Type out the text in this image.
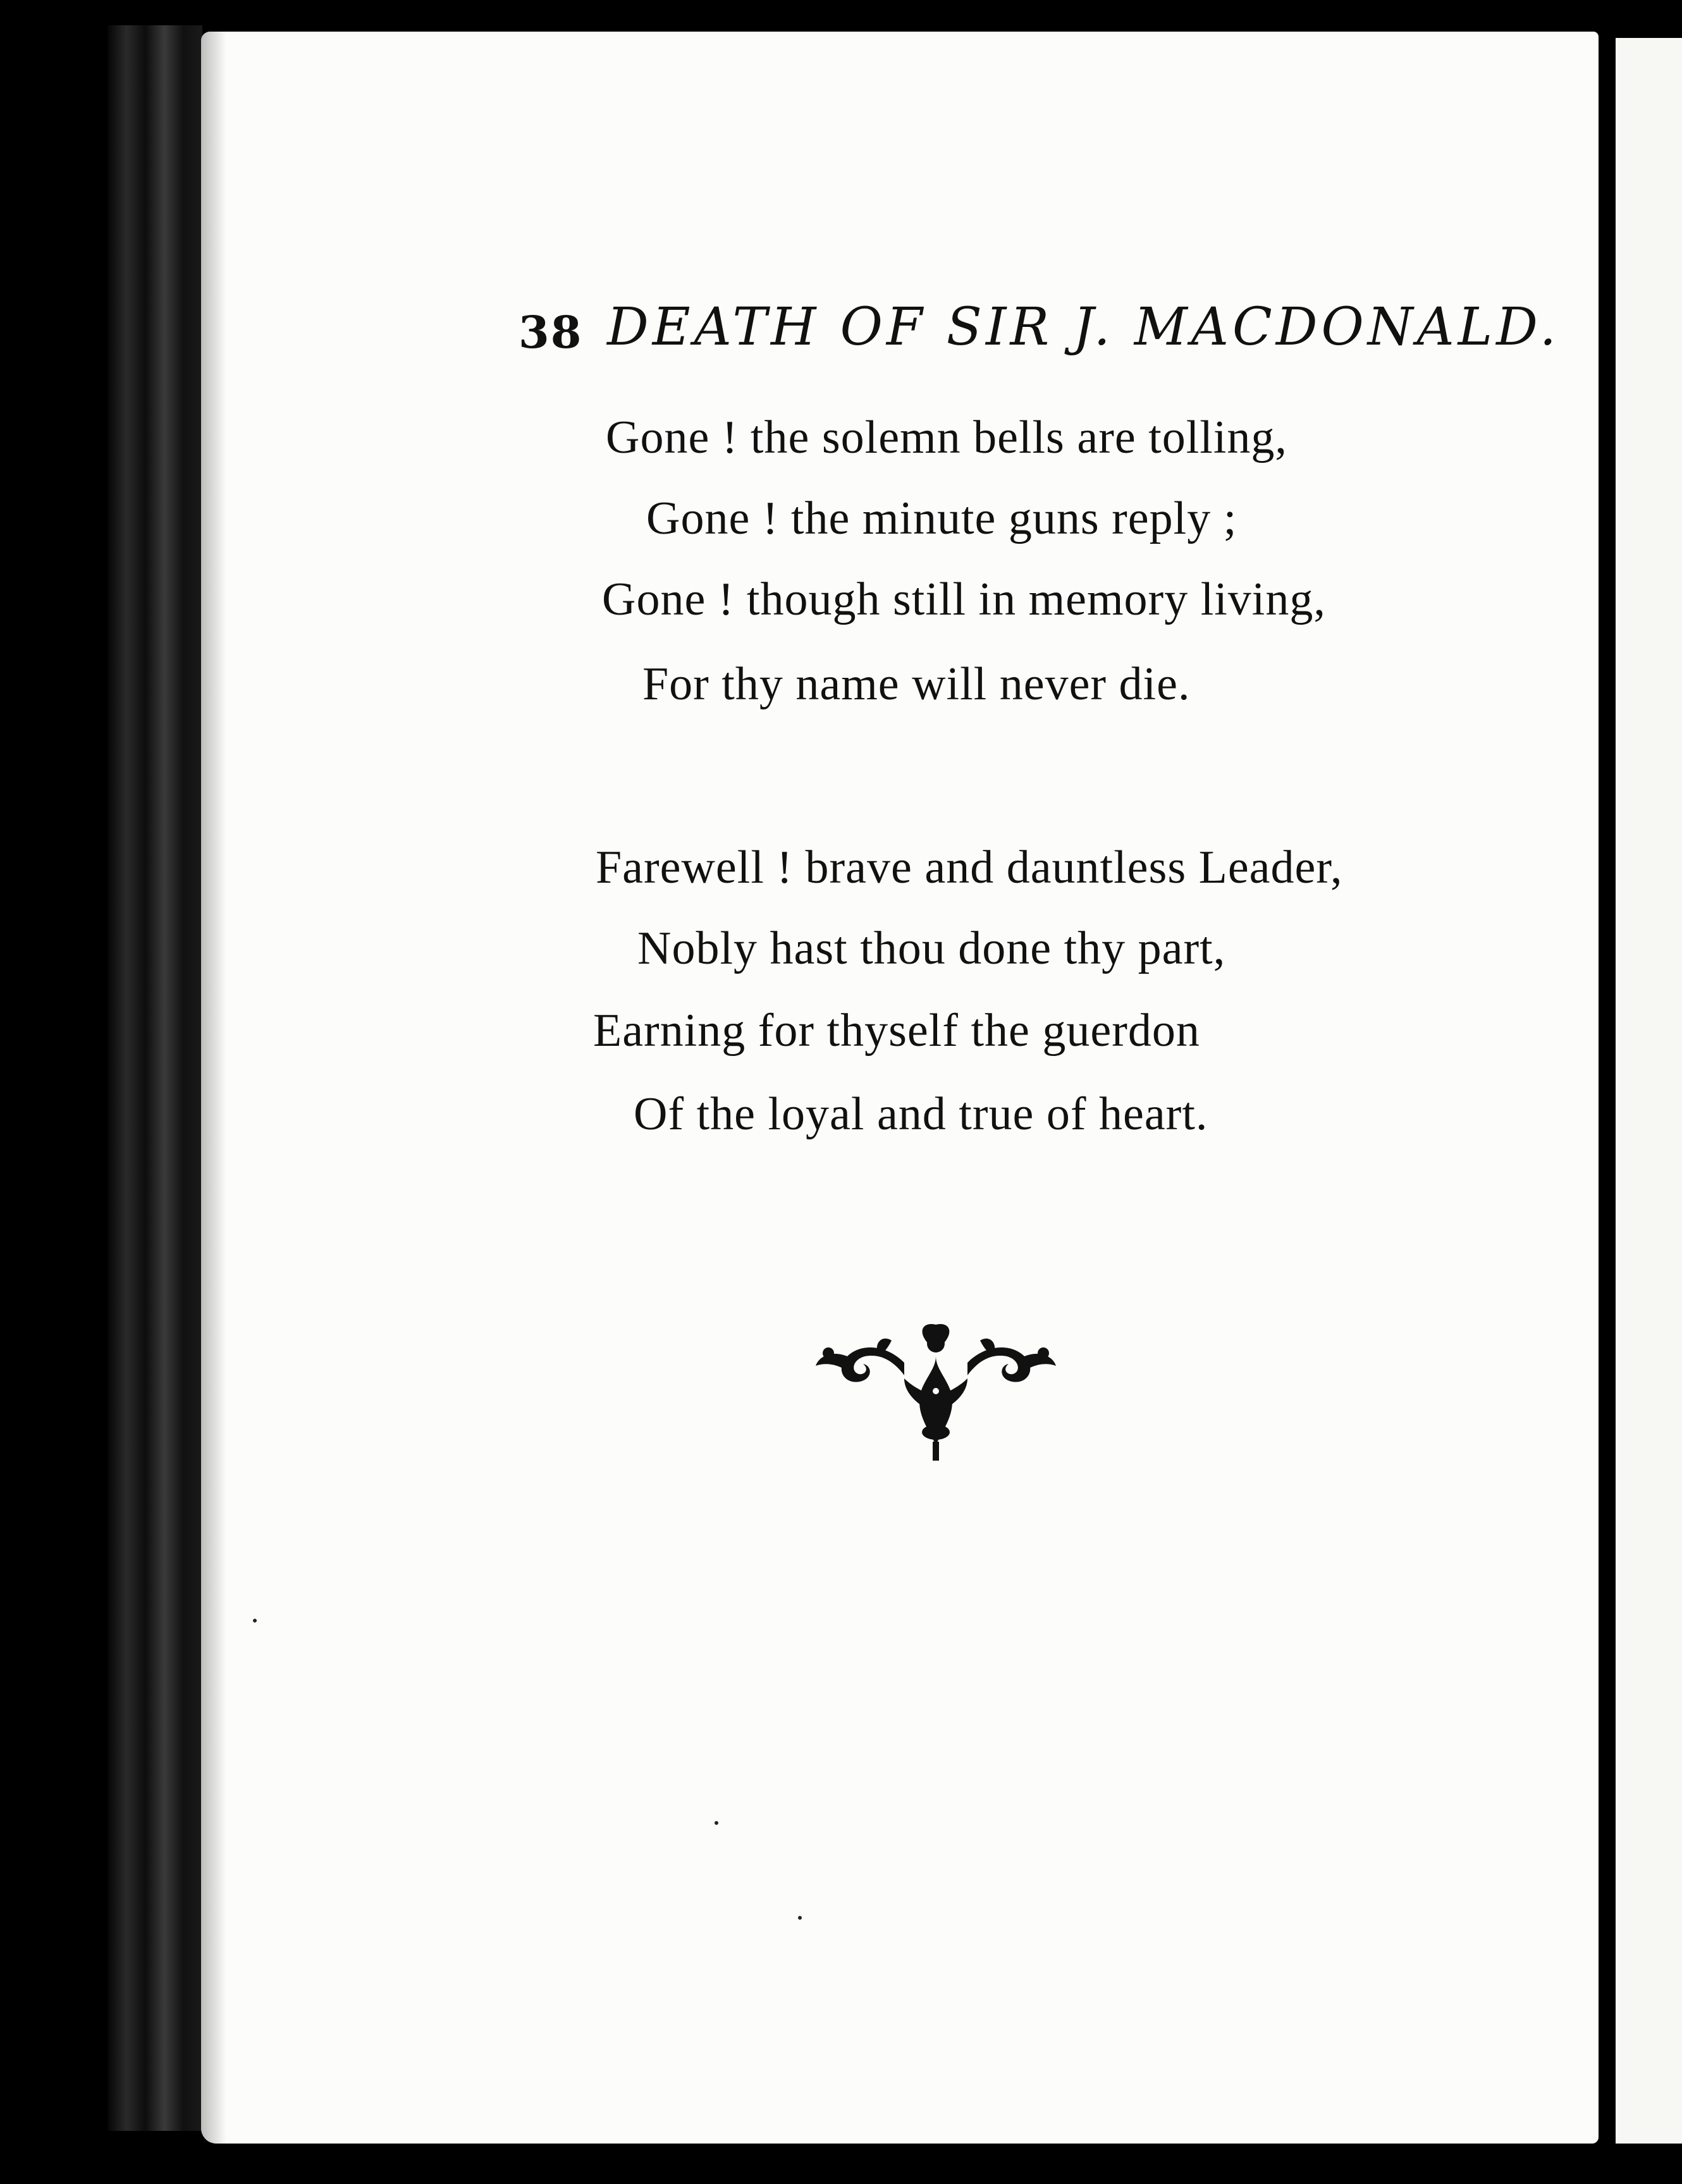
38 DEATH OF SIR J. MACDONALD.
Gone ! the solemn bells are tolling,
Gone ! the minute guns reply ;
Gone ! though still in memory living,
For thy name will never die.
Farewell ! brave and dauntless Leader,
Nobly hast thou done thy part,
Earning for thyself the guerdon
Of the loyal and true of heart.
